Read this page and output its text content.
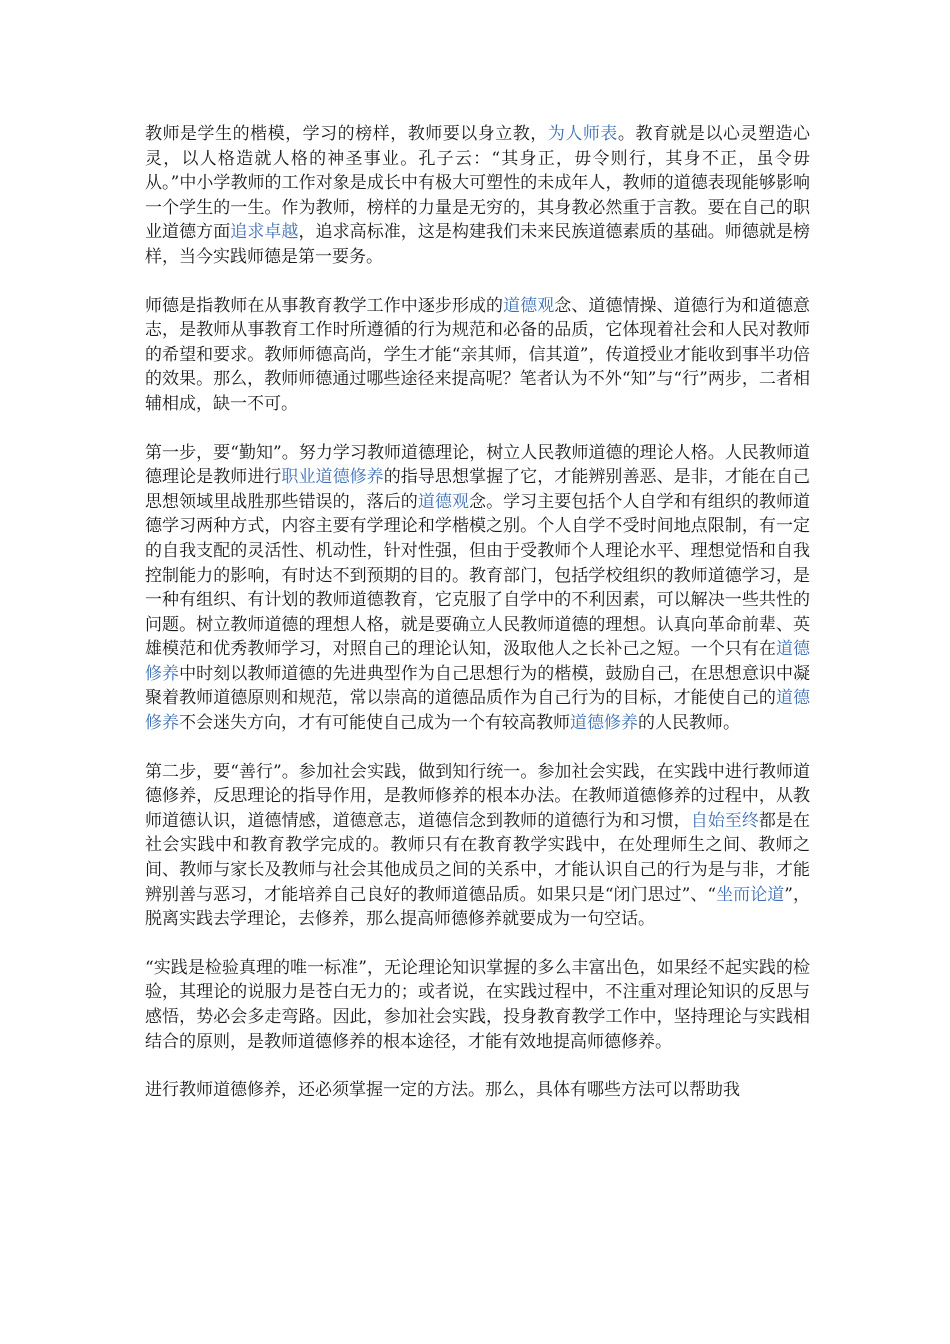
教师是学生的楷模，学习的榜样，教师要以身立教，为人师表。教育就是以心灵塑造心灵，以人格造就人格的神圣事业。孔子云：“其身正，毋令则行，其身不正，虽令毋从。”中小学教师的工作对象是成长中有极大可塑性的未成年人，教师的道德表现能够影响一个学生的一生。作为教师，榜样的力量是无穷的，其身教必然重于言教。要在自己的职业道德方面追求卓越，追求高标准，这是构建我们未来民族道德素质的基础。师德就是榜样，当今实践师德是第一要务。

师德是指教师在从事教育教学工作中逐步形成的道德观念、道德情操、道德行为和道德意志，是教师从事教育工作时所遵循的行为规范和必备的品质，它体现着社会和人民对教师的希望和要求。教师师德高尚，学生才能“亲其师，信其道”，传道授业才能收到事半功倍的效果。那么，教师师德通过哪些途径来提高呢？笔者认为不外“知”与“行”两步，二者相辅相成，缺一不可。

第一步，要“勤知”。努力学习教师道德理论，树立人民教师道德的理论人格。人民教师道德理论是教师进行职业道德修养的指导思想掌握了它，才能辨别善恶、是非，才能在自己思想领域里战胜那些错误的，落后的道德观念。学习主要包括个人自学和有组织的教师道德学习两种方式，内容主要有学理论和学楷模之别。个人自学不受时间地点限制，有一定的自我支配的灵活性、机动性，针对性强，但由于受教师个人理论水平、理想觉悟和自我控制能力的影响，有时达不到预期的目的。教育部门，包括学校组织的教师道德学习，是一种有组织、有计划的教师道德教育，它克服了自学中的不利因素，可以解决一些共性的问题。树立教师道德的理想人格，就是要确立人民教师道德的理想。认真向革命前辈、英雄模范和优秀教师学习，对照自己的理论认知，汲取他人之长补己之短。一个只有在道德修养中时刻以教师道德的先进典型作为自己思想行为的楷模，鼓励自己，在思想意识中凝聚着教师道德原则和规范，常以崇高的道德品质作为自己行为的目标，才能使自己的道德修养不会迷失方向，才有可能使自己成为一个有较高教师道德修养的人民教师。

第二步，要“善行”。参加社会实践，做到知行统一。参加社会实践，在实践中进行教师道德修养，反思理论的指导作用，是教师修养的根本办法。在教师道德修养的过程中，从教师道德认识，道德情感，道德意志，道德信念到教师的道德行为和习惯，自始至终都是在社会实践中和教育教学完成的。教师只有在教育教学实践中，在处理师生之间、教师之间、教师与家长及教师与社会其他成员之间的关系中，才能认识自己的行为是与非，才能辨别善与恶习，才能培养自己良好的教师道德品质。如果只是“闭门思过”、“坐而论道”，脱离实践去学理论，去修养，那么提高师德修养就要成为一句空话。

“实践是检验真理的唯一标准”，无论理论知识掌握的多么丰富出色，如果经不起实践的检验，其理论的说服力是苍白无力的；或者说，在实践过程中，不注重对理论知识的反思与感悟，势必会多走弯路。因此，参加社会实践，投身教育教学工作中，坚持理论与实践相结合的原则，是教师道德修养的根本途径，才能有效地提高师德修养。

进行教师道德修养，还必须掌握一定的方法。那么，具体有哪些方法可以帮助我
